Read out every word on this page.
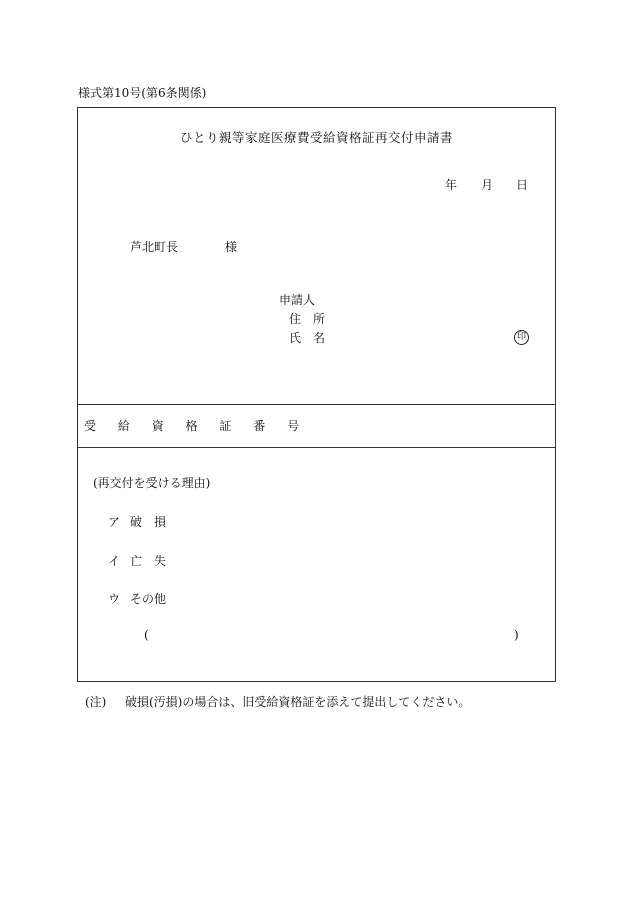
様式第10号(第6条関係)
ひとり親等家庭医療費受給資格証再交付申請書
年 月 日
芦北町長	様
申請人
住　所
氏　名	印
受 給 資 格 証 番 号
(再交付を受ける理由)
ア 破　損
イ 亡　失
ウ その他
(	)
(注) 破損(汚損)の場合は、旧受給資格証を添えて提出してください。
